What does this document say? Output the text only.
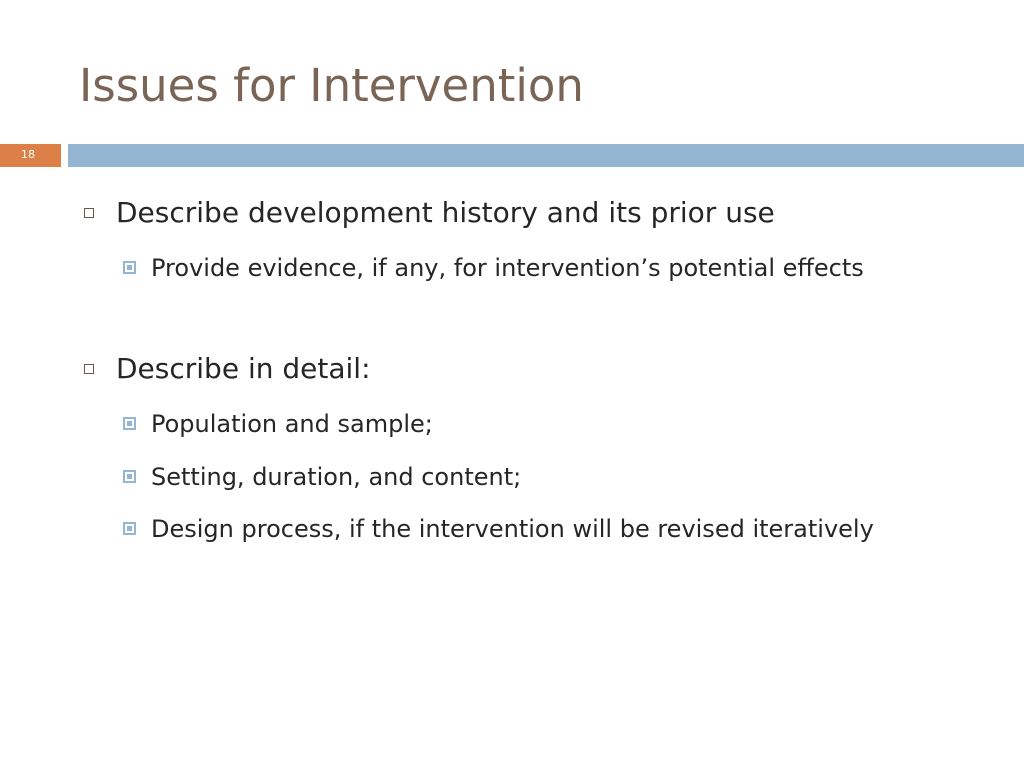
Issues for Intervention
18
Describe development history and its prior use
Provide evidence, if any, for intervention’s potential effects
Describe in detail:
Population and sample;
Setting, duration, and content;
Design process, if the intervention will be revised iteratively
